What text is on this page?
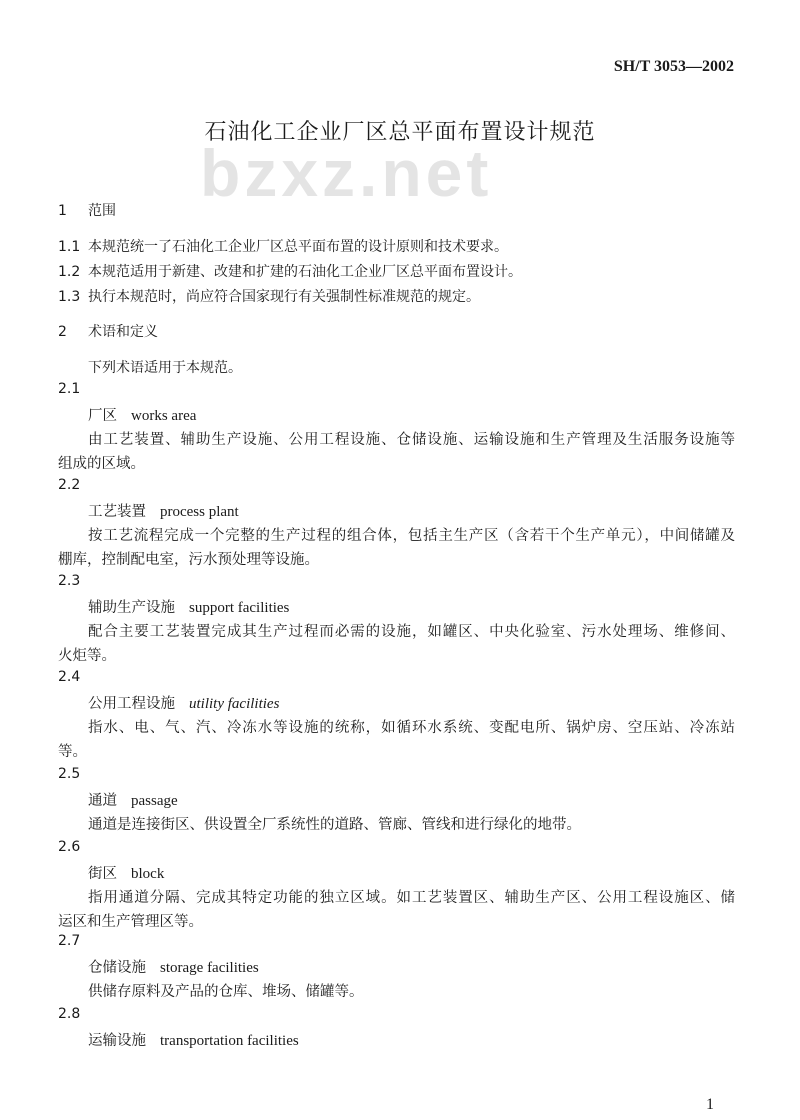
SH/T 3053—2002
bzxz.net
石油化工企业厂区总平面布置设计规范
1 范围
1.1 本规范统一了石油化工企业厂区总平面布置的设计原则和技术要求。
1.2 本规范适用于新建、改建和扩建的石油化工企业厂区总平面布置设计。
1.3 执行本规范时，尚应符合国家现行有关强制性标准规范的规定。
2 术语和定义
下列术语适用于本规范。
2.1
厂区 works area
由工艺装置、辅助生产设施、公用工程设施、仓储设施、运输设施和生产管理及生活服务设施等
组成的区域。
2.2
工艺装置 process plant
按工艺流程完成一个完整的生产过程的组合体，包括主生产区（含若干个生产单元），中间储罐及
棚库，控制配电室，污水预处理等设施。
2.3
辅助生产设施 support facilities
配合主要工艺装置完成其生产过程而必需的设施，如罐区、中央化验室、污水处理场、维修间、
火炬等。
2.4
公用工程设施 utility facilities
指水、电、气、汽、冷冻水等设施的统称，如循环水系统、变配电所、锅炉房、空压站、冷冻站
等。
2.5
通道 passage
通道是连接街区、供设置全厂系统性的道路、管廊、管线和进行绿化的地带。
2.6
街区 block
指用通道分隔、完成其特定功能的独立区域。如工艺装置区、辅助生产区、公用工程设施区、储
运区和生产管理区等。
2.7
仓储设施 storage facilities
供储存原料及产品的仓库、堆场、储罐等。
2.8
运输设施 transportation facilities
1
